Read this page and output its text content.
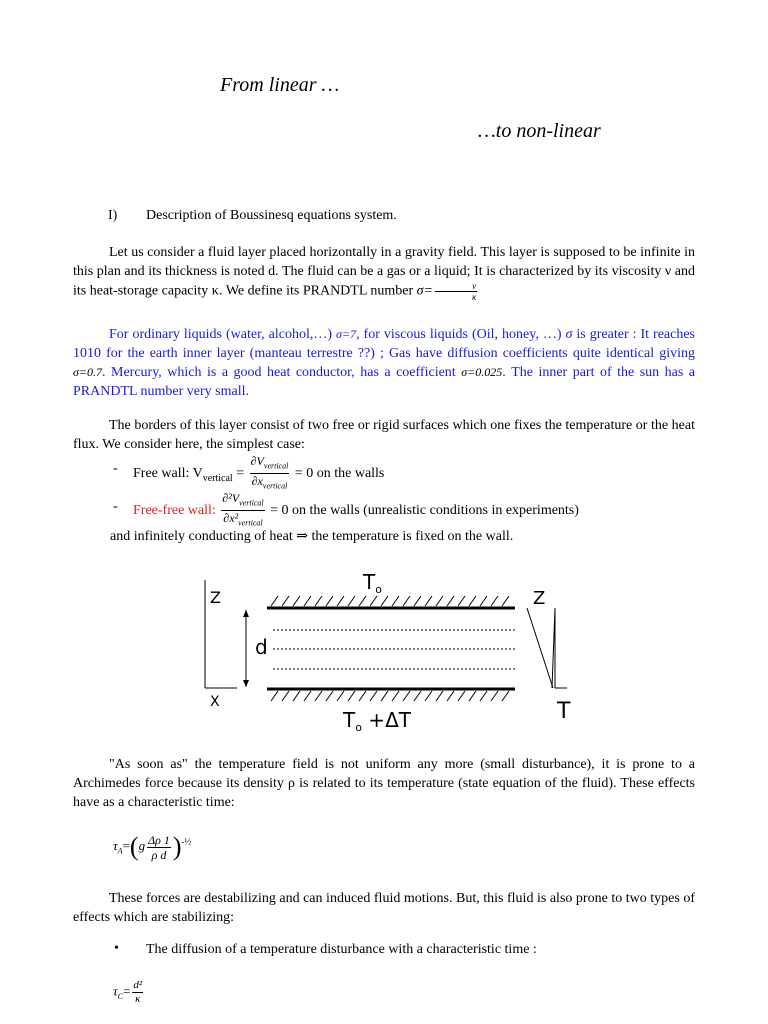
From linear …
…to non-linear
I) Description of Boussinesq equations system.
Let us consider a fluid layer placed horizontally in a gravity field. This layer is supposed to be infinite in this plan and its thickness is noted d. The fluid can be a gas or a liquid; It is characterized by its viscosity ν and its heat-storage capacity κ. We define its PRANDTL number $\sigma= \frac{\nu}{\kappa}$
For ordinary liquids (water, alcohol,…) σ=7, for viscous liquids (Oil, honey, …) σ is greater : It reaches 1010 for the earth inner layer (manteau terrestre ??) ; Gas have diffusion coefficients quite identical giving σ=0.7. Mercury, which is a good heat conductor, has a coefficient σ=0.025. The inner part of the sun has a PRANDTL number very small.
The borders of this layer consist of two free or rigid surfaces which one fixes the temperature or the heat flux. We consider here, the simplest case:
- Free wall: $V_{vertical} = \frac{\partial V_{vertical}}{\partial x_{vertical}} = 0$ on the walls
- Free-free wall: $\frac{\partial^2V_{vertical}}{\partial x^2_{vertical}} = 0$ on the walls (unrealistic conditions in experiments)
and infinitely conducting of heat ⇒ the temperature is fixed on the wall.
Z
X
d
$T_o$
$T_o +\Delta T$
Z
T
"As soon as" the temperature field is not uniform any more (small disturbance), it is prone to a Archimedes force because its density ρ is related to its temperature (state equation of the fluid). These effects have as a characteristic time:
$\tau_A=(g \frac{\Delta\rho 1}{\text{ρ d}} )^{-\frac{1}{2}}$
These forces are destabilizing and can induced fluid motions. But, this fluid is also prone to two types of effects which are stabilizing:
• The diffusion of a temperature disturbance with a characteristic time :
$\tau_C= \frac{\text{d²}}{\kappa}$
